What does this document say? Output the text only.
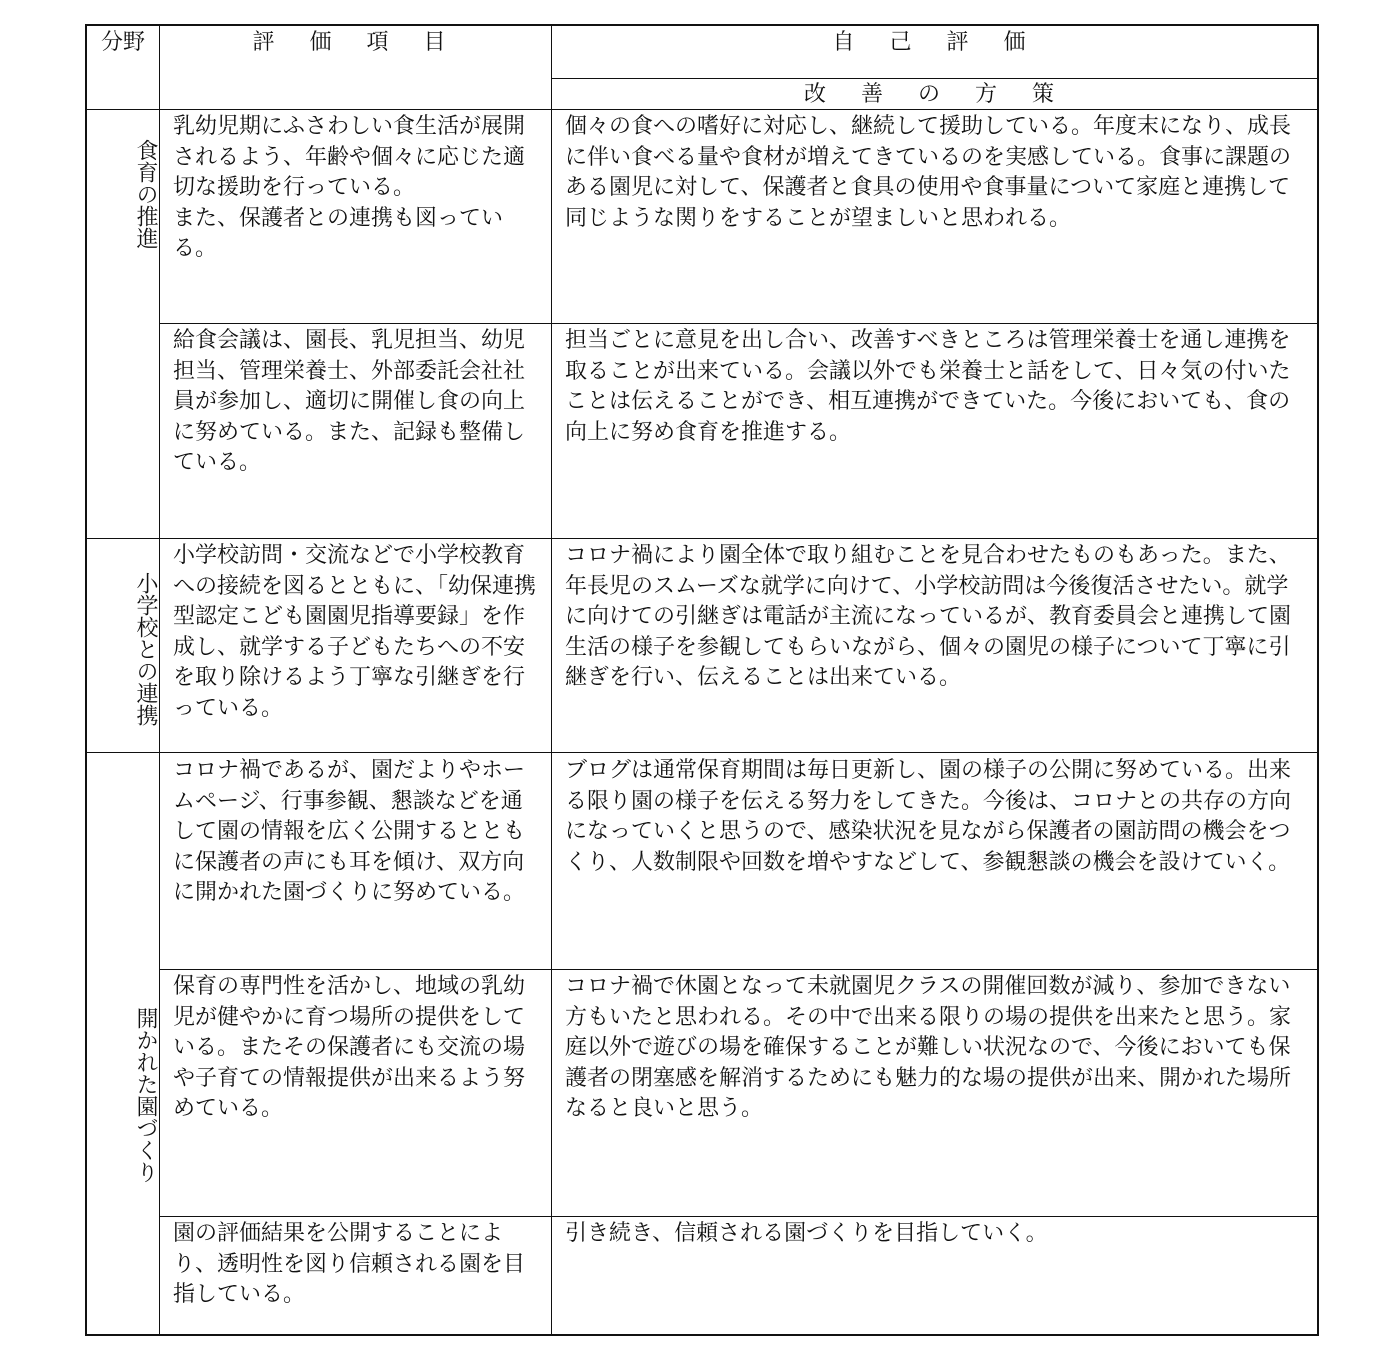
分野	評 価 項 目	自 己 評 価
改 善 の 方 策
食育の推進
小学校との連携
開かれた園づくり
乳幼児期にふさわしい食生活が展開されるよう、年齢や個々に応じた適切な援助を行っている。
また、保護者との連携も図っている。
個々の食への嗜好に対応し、継続して援助している。年度末になり、成長に伴い食べる量や食材が増えてきているのを実感している。食事に課題のある園児に対して、保護者と食具の使用や食事量について家庭と連携して同じような関りをすることが望ましいと思われる。
給食会議は、園長、乳児担当、幼児担当、管理栄養士、外部委託会社社員が参加し、適切に開催し食の向上に努めている。また、記録も整備している。
担当ごとに意見を出し合い、改善すべきところは管理栄養士を通し連携を取ることが出来ている。会議以外でも栄養士と話をして、日々気の付いたことは伝えることができ、相互連携ができていた。今後においても、食の向上に努め食育を推進する。
小学校訪問・交流などで小学校教育への接続を図るとともに、「幼保連携型認定こども園園児指導要録」を作成し、就学する子どもたちへの不安を取り除けるよう丁寧な引継ぎを行っている。
コロナ禍により園全体で取り組むことを見合わせたものもあった。また、年長児のスムーズな就学に向けて、小学校訪問は今後復活させたい。就学に向けての引継ぎは電話が主流になっているが、教育委員会と連携して園生活の様子を参観してもらいながら、個々の園児の様子について丁寧に引継ぎを行い、伝えることは出来ている。
コロナ禍であるが、園だよりやホームページ、行事参観、懇談などを通して園の情報を広く公開するとともに保護者の声にも耳を傾け、双方向に開かれた園づくりに努めている。
ブログは通常保育期間は毎日更新し、園の様子の公開に努めている。出来る限り園の様子を伝える努力をしてきた。今後は、コロナとの共存の方向になっていくと思うので、感染状況を見ながら保護者の園訪問の機会をつくり、人数制限や回数を増やすなどして、参観懇談の機会を設けていく。
保育の専門性を活かし、地域の乳幼児が健やかに育つ場所の提供をしている。またその保護者にも交流の場や子育ての情報提供が出来るよう努めている。
コロナ禍で休園となって未就園児クラスの開催回数が減り、参加できない方もいたと思われる。その中で出来る限りの場の提供を出来たと思う。家庭以外で遊びの場を確保することが難しい状況なので、今後においても保護者の閉塞感を解消するためにも魅力的な場の提供が出来、開かれた場所なると良いと思う。
園の評価結果を公開することにより、透明性を図り信頼される園を目指している。
引き続き、信頼される園づくりを目指していく。
